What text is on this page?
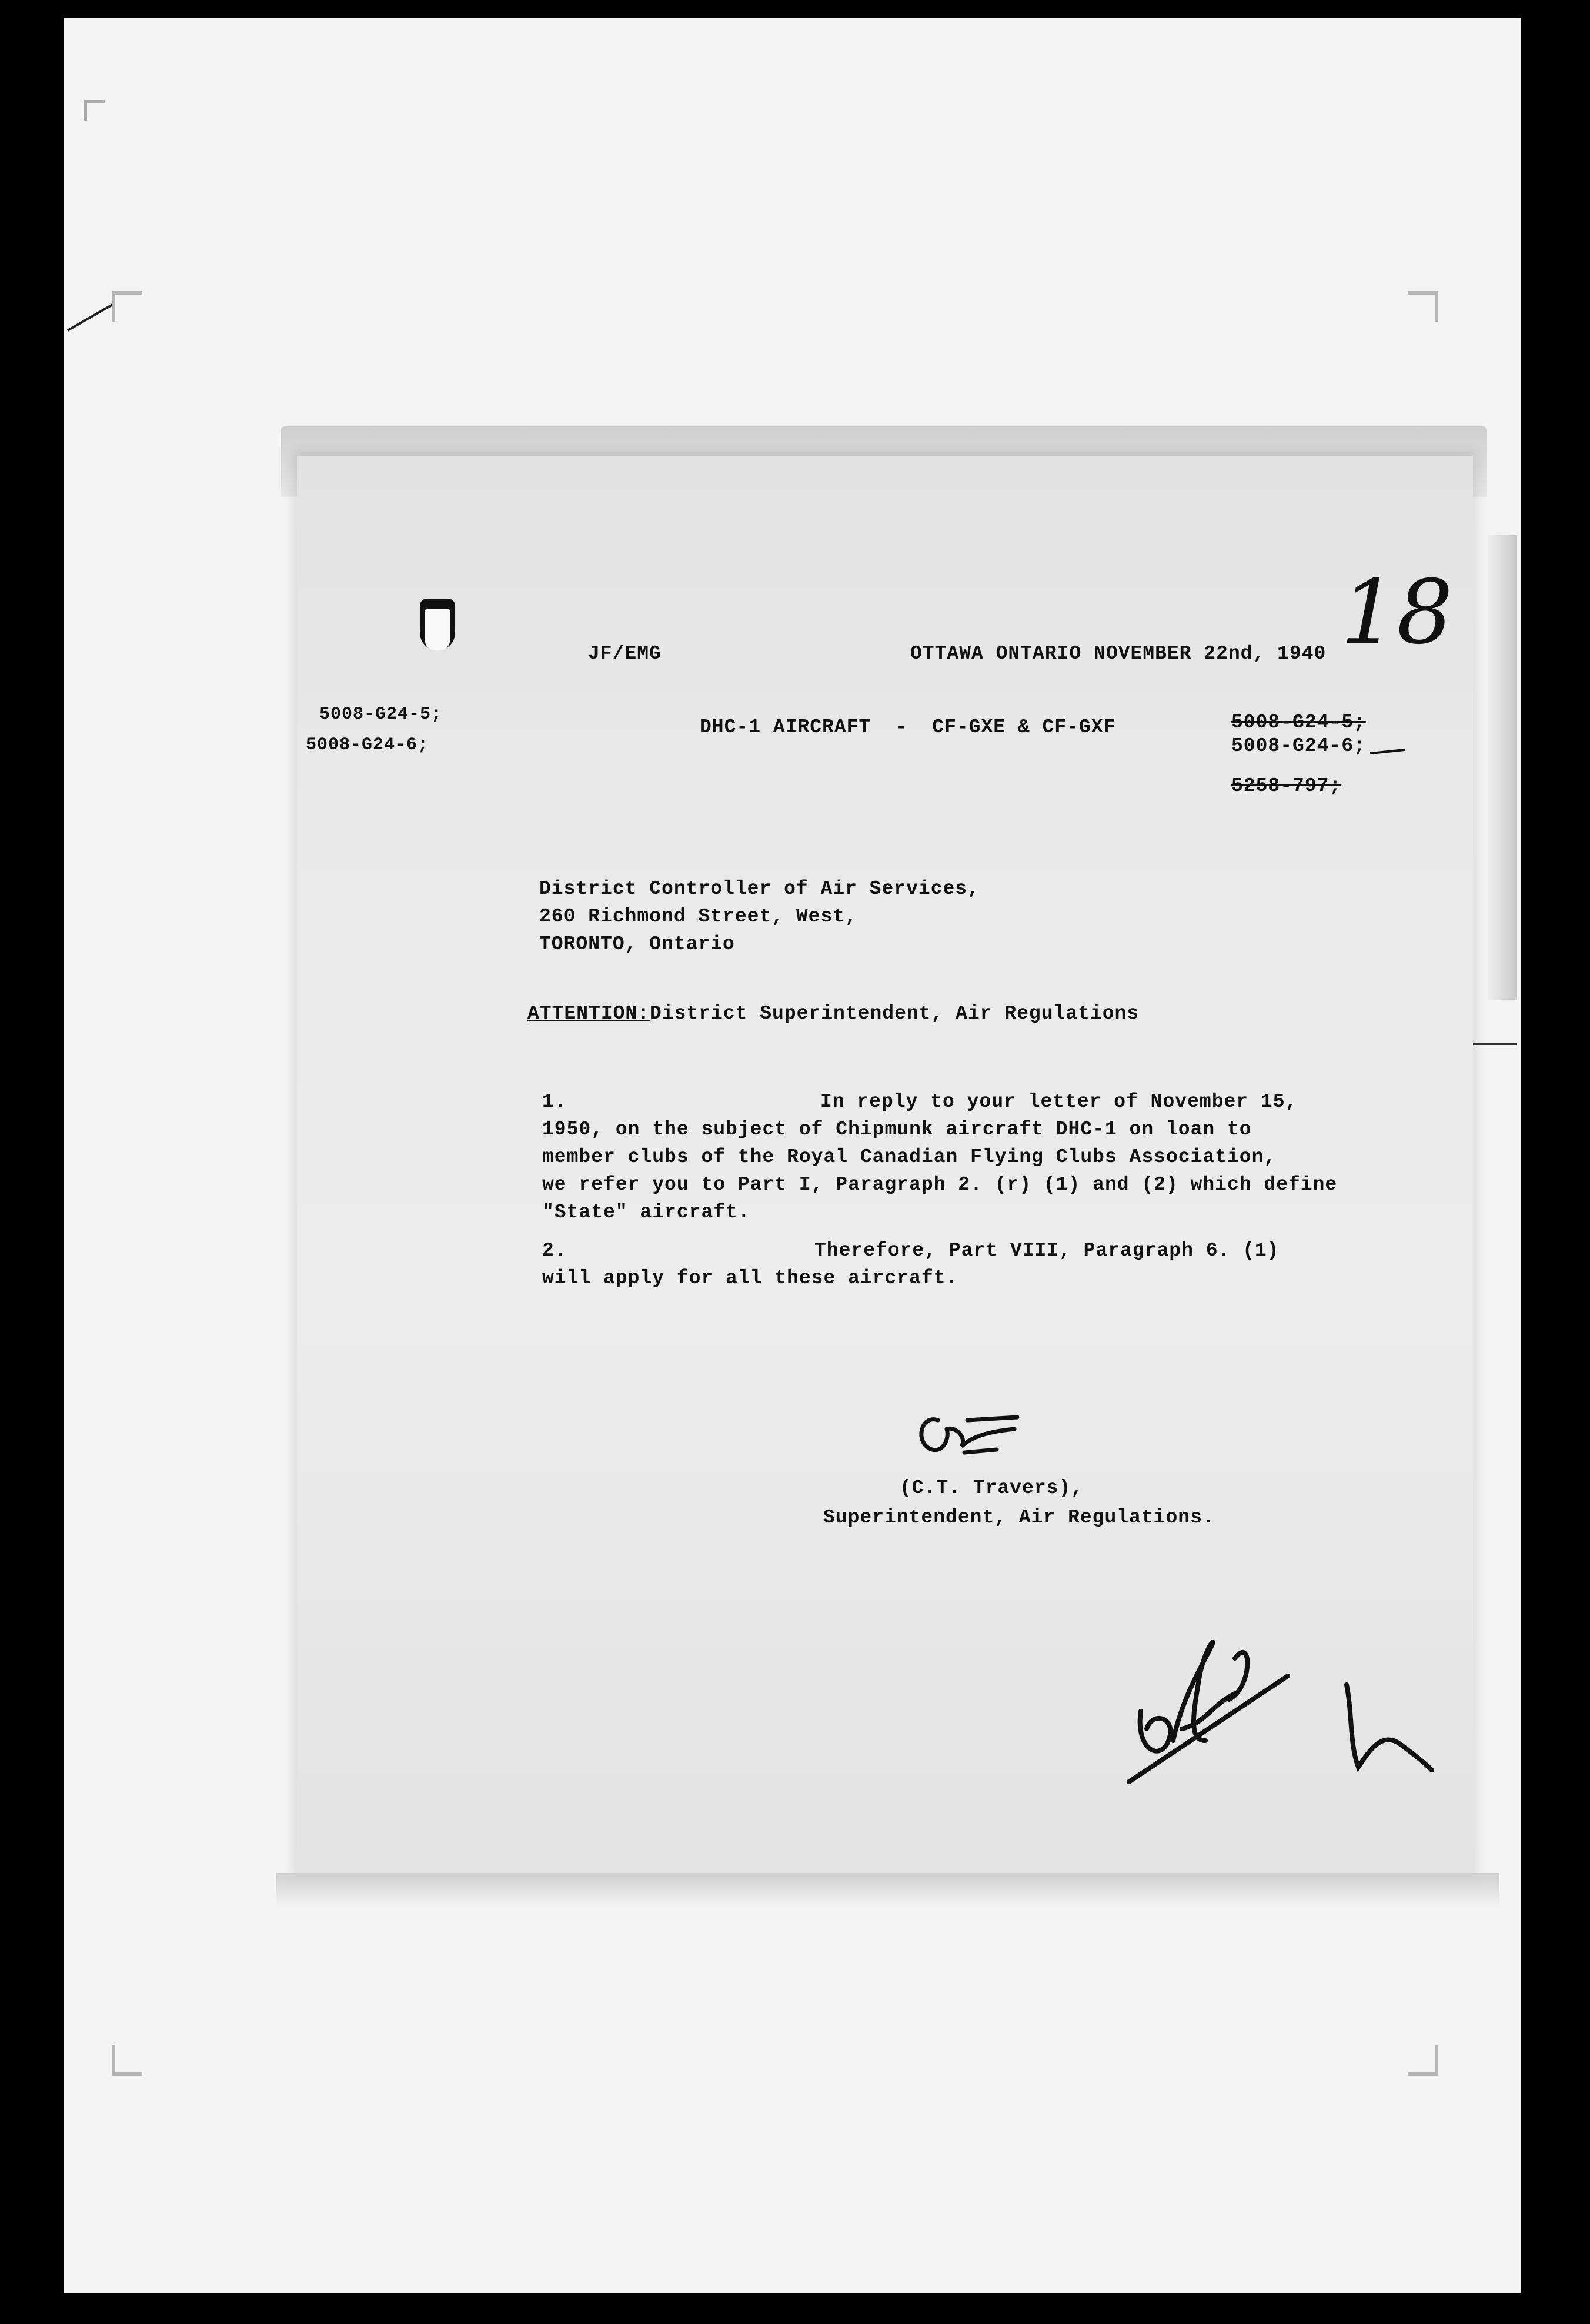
18
5008-G24-5;
5008-G24-6;
JF/EMG	OTTAWA ONTARIO NOVEMBER 22nd, 1940
DHC-1 AIRCRAFT  -  CF-GXE & CF-GXF	5008-G24-5;
5008-G24-6;
5258-797;
District Controller of Air Services,
260 Richmond Street, West,
TORONTO, Ontario
ATTENTION: District Superintendent, Air Regulations
1.	In reply to your letter of November 15,
1950, on the subject of Chipmunk aircraft DHC-1 on loan to
member clubs of the Royal Canadian Flying Clubs Association,
we refer you to Part I, Paragraph 2. (r) (1) and (2) which define
"State" aircraft.
2.	Therefore, Part VIII, Paragraph 6. (1)
will apply for all these aircraft.
(C.T. Travers),
Superintendent, Air Regulations.
